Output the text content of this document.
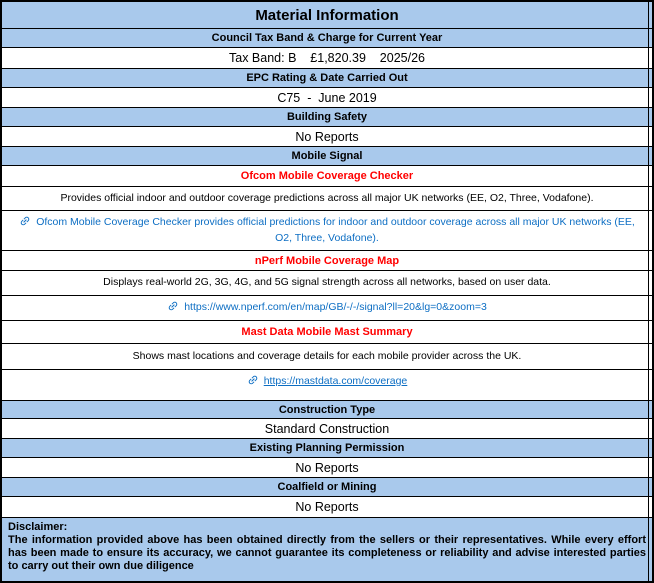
Material Information
Council Tax Band & Charge for Current Year
Tax Band: B    £1,820.39    2025/26
EPC Rating & Date Carried Out
C75  -  June 2019
Building Safety
No Reports
Mobile Signal
Ofcom Mobile Coverage Checker
Provides official indoor and outdoor coverage predictions across all major UK networks (EE, O2, Three, Vodafone).
Ofcom Mobile Coverage Checker provides official predictions for indoor and outdoor coverage across all major UK networks (EE, O2, Three, Vodafone).
nPerf Mobile Coverage Map
Displays real-world 2G, 3G, 4G, and 5G signal strength across all networks, based on user data.
https://www.nperf.com/en/map/GB/-/-/signal?ll=20&lg=0&zoom=3
Mast Data Mobile Mast Summary
Shows mast locations and coverage details for each mobile provider across the UK.
https://mastdata.com/coverage
Construction Type
Standard Construction
Existing Planning Permission
No Reports
Coalfield or Mining
No Reports
Disclaimer:
The information provided above has been obtained directly from the sellers or their representatives. While every effort has been made to ensure its accuracy, we cannot guarantee its completeness or reliability and advise interested parties to carry out their own due diligence
